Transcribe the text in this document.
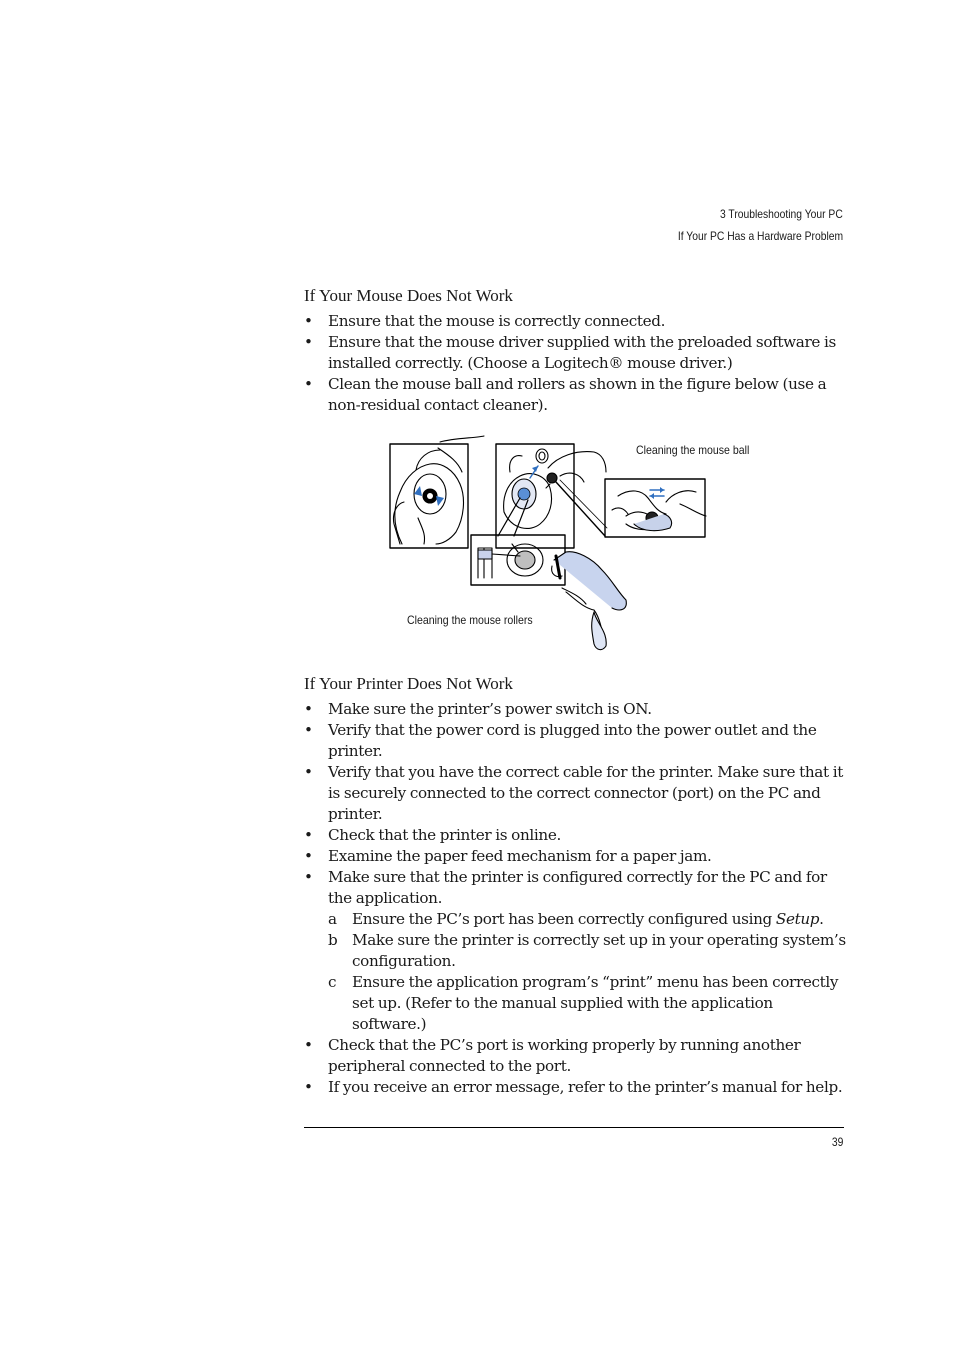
3 Troubleshooting Your PC
If Your PC Has a Hardware Problem
If Your Mouse Does Not Work
• Ensure that the mouse is correctly connected.
• Ensure that the mouse driver supplied with the preloaded software is installed correctly. (Choose a Logitech® mouse driver.)
• Clean the mouse ball and rollers as shown in the figure below (use a non-residual contact cleaner).
Cleaning the mouse ball
Cleaning the mouse rollers
If Your Printer Does Not Work
• Make sure the printer’s power switch is ON.
• Verify that the power cord is plugged into the power outlet and the printer.
• Verify that you have the correct cable for the printer. Make sure that it is securely connected to the correct connector (port) on the PC and printer.
• Check that the printer is online.
• Examine the paper feed mechanism for a paper jam.
• Make sure that the printer is configured correctly for the PC and for the application.
a Ensure the PC’s port has been correctly configured using Setup.
b Make sure the printer is correctly set up in your operating system’s configuration.
c Ensure the application program’s “print” menu has been correctly set up. (Refer to the manual supplied with the application software.)
• Check that the PC’s port is working properly by running another peripheral connected to the port.
• If you receive an error message, refer to the printer’s manual for help.
39
